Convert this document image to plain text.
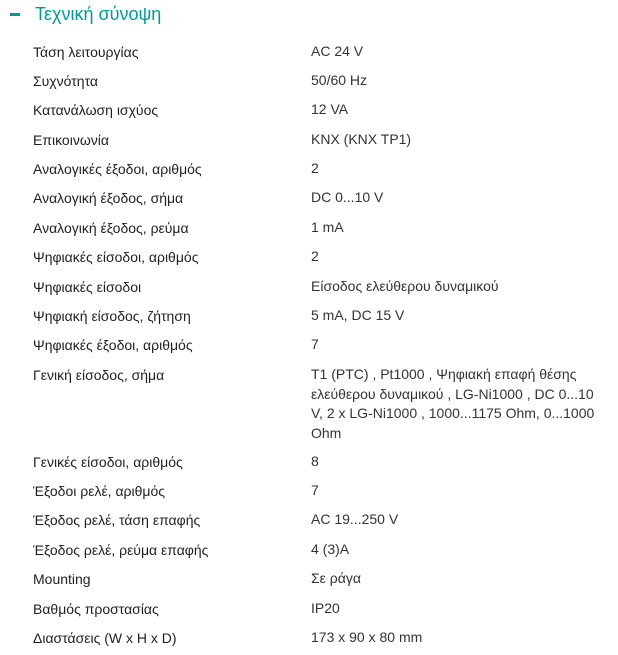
Τεχνική σύνοψη
Τάση λειτουργίας	AC 24 V
Συχνότητα	50/60 Hz
Κατανάλωση ισχύος	12 VA
Επικοινωνία	KNX (KNX TP1)
Αναλογικές έξοδοι, αριθμός	2
Αναλογική έξοδος, σήμα	DC 0...10 V
Αναλογική έξοδος, ρεύμα	1 mA
Ψηφιακές είσοδοι, αριθμός	2
Ψηφιακές είσοδοι	Είσοδος ελεύθερου δυναμικού
Ψηφιακή είσοδος, ζήτηση	5 mA, DC 15 V
Ψηφιακές έξοδοι, αριθμός	7
Γενική είσοδος, σήμα	T1 (PTC) , Pt1000 , Ψηφιακή επαφή θέσης ελεύθερου δυναμικού , LG-Ni1000 , DC 0...10 V, 2 x LG-Ni1000 , 1000...1175 Ohm, 0...1000 Ohm
Γενικές είσοδοι, αριθμός	8
Έξοδοι ρελέ, αριθμός	7
Έξοδος ρελέ, τάση επαφής	AC 19...250 V
Έξοδος ρελέ, ρεύμα επαφής	4 (3)A
Mounting	Σε ράγα
Βαθμός προστασίας	IP20
Διαστάσεις (W x H x D)	173 x 90 x 80 mm
